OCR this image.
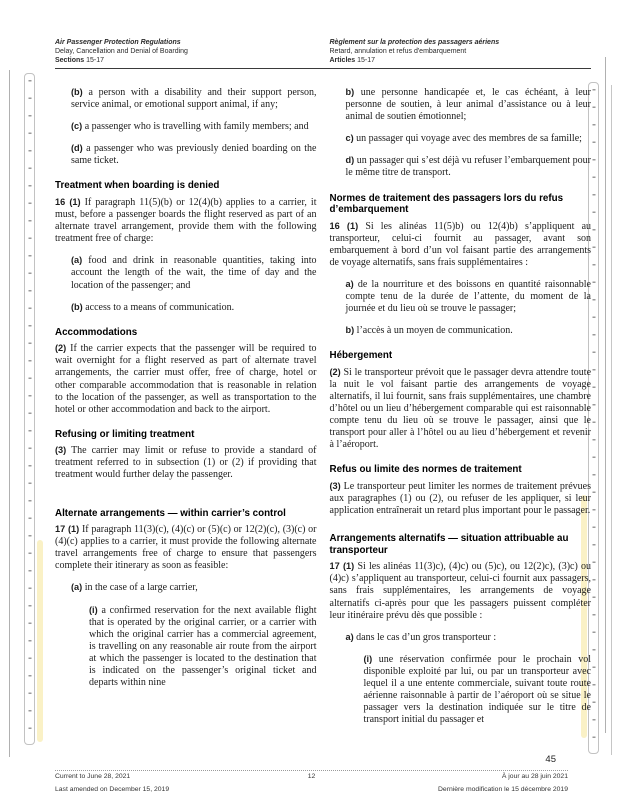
Air Passenger Protection Regulations
Delay, Cancellation and Denial of Boarding
Sections 15-17
Règlement sur la protection des passagers aériens
Retard, annulation et refus d'embarquement
Articles 15-17

(b) a person with a disability and their support person, service animal, or emotional support animal, if any;

(c) a passenger who is travelling with family members; and

(d) a passenger who was previously denied boarding on the same ticket.

Treatment when boarding is denied

16 (1) If paragraph 11(5)(b) or 12(4)(b) applies to a carrier, it must, before a passenger boards the flight reserved as part of an alternate travel arrangement, provide them with the following treatment free of charge:

(a) food and drink in reasonable quantities, taking into account the length of the wait, the time of day and the location of the passenger; and

(b) access to a means of communication.

Accommodations

(2) If the carrier expects that the passenger will be required to wait overnight for a flight reserved as part of alternate travel arrangements, the carrier must offer, free of charge, hotel or other comparable accommodation that is reasonable in relation to the location of the passenger, as well as transportation to the hotel or other accommodation and back to the airport.

Refusing or limiting treatment

(3) The carrier may limit or refuse to provide a standard of treatment referred to in subsection (1) or (2) if providing that treatment would further delay the passenger.

Alternate arrangements — within carrier’s control

17 (1) If paragraph 11(3)(c), (4)(c) or (5)(c) or 12(2)(c), (3)(c) or (4)(c) applies to a carrier, it must provide the following alternate travel arrangements free of charge to ensure that passengers complete their itinerary as soon as feasible:

(a) in the case of a large carrier,

(i) a confirmed reservation for the next available flight that is operated by the original carrier, or a carrier with which the original carrier has a commercial agreement, is travelling on any reasonable air route from the airport at which the passenger is located to the destination that is indicated on the passenger’s original ticket and departs within nine

b) une personne handicapée et, le cas échéant, à leur personne de soutien, à leur animal d’assistance ou à leur animal de soutien émotionnel;

c) un passager qui voyage avec des membres de sa famille;

d) un passager qui s’est déjà vu refuser l’embarquement pour le même titre de transport.

Normes de traitement des passagers lors du refus d’embarquement

16 (1) Si les alinéas 11(5)b) ou 12(4)b) s’appliquent au transporteur, celui-ci fournit au passager, avant son embarquement à bord d’un vol faisant partie des arrangements de voyage alternatifs, sans frais supplémentaires :

a) de la nourriture et des boissons en quantité raisonnable compte tenu de la durée de l’attente, du moment de la journée et du lieu où se trouve le passager;

b) l’accès à un moyen de communication.

Hébergement

(2) Si le transporteur prévoit que le passager devra attendre toute la nuit le vol faisant partie des arrangements de voyage alternatifs, il lui fournit, sans frais supplémentaires, une chambre d’hôtel ou un lieu d’hébergement comparable qui est raisonnable compte tenu du lieu où se trouve le passager, ainsi que le transport pour aller à l’hôtel ou au lieu d’hébergement et revenir à l’aéroport.

Refus ou limite des normes de traitement

(3) Le transporteur peut limiter les normes de traitement prévues aux paragraphes (1) ou (2), ou refuser de les appliquer, si leur application entraînerait un retard plus important pour le passager.

Arrangements alternatifs — situation attribuable au transporteur

17 (1) Si les alinéas 11(3)c), (4)c) ou (5)c), ou 12(2)c), (3)c) ou (4)c) s’appliquent au transporteur, celui-ci fournit aux passagers, sans frais supplémentaires, les arrangements de voyage alternatifs ci-après pour que les passagers puissent compléter leur itinéraire prévu dès que possible :

a) dans le cas d’un gros transporteur :

(i) une réservation confirmée pour le prochain vol disponible exploité par lui, ou par un transporteur avec lequel il a une entente commerciale, suivant toute route aérienne raisonnable à partir de l’aéroport où se situe le passager vers la destination indiquée sur le titre de transport initial du passager et

45
Current to June 28, 2021	12	À jour au 28 juin 2021
Last amended on December 15, 2019	Dernière modification le 15 décembre 2019
